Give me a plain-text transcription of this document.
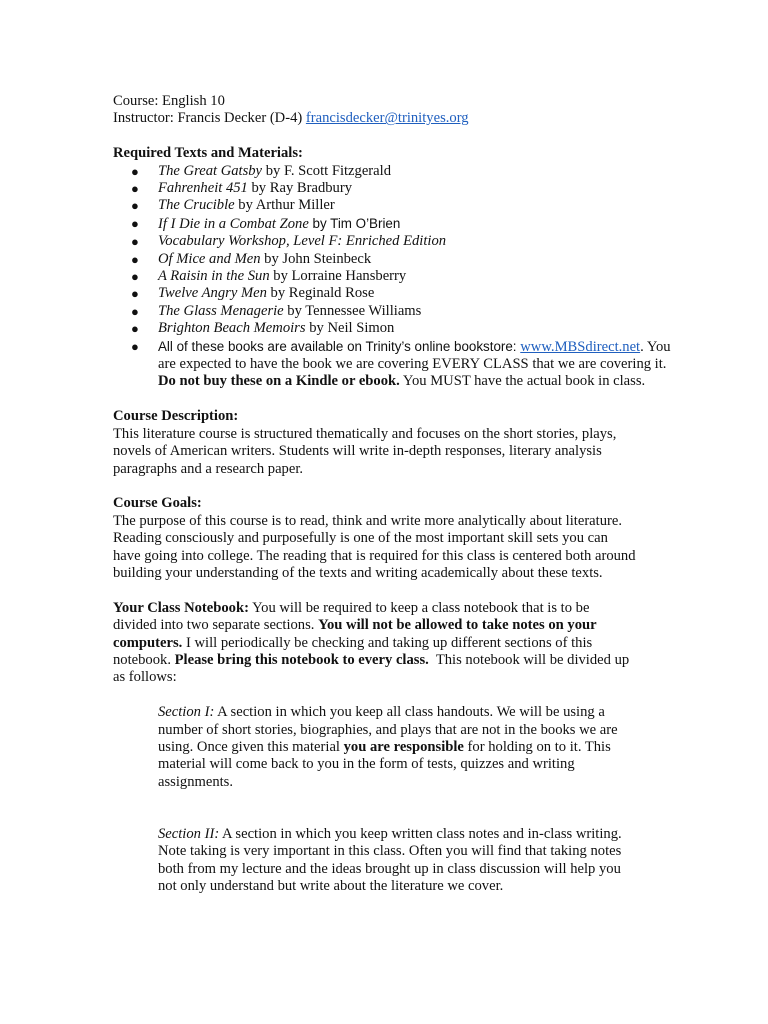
Course: English 10
Instructor: Francis Decker (D-4) francisdecker@trinityes.org
Required Texts and Materials:
● The Great Gatsby by F. Scott Fitzgerald
● Fahrenheit 451 by Ray Bradbury
● The Crucible by Arthur Miller
● If I Die in a Combat Zone by Tim O’Brien
● Vocabulary Workshop, Level F: Enriched Edition
● Of Mice and Men by John Steinbeck
● A Raisin in the Sun by Lorraine Hansberry
● Twelve Angry Men by Reginald Rose
● The Glass Menagerie by Tennessee Williams
● Brighton Beach Memoirs by Neil Simon
● All of these books are available on Trinity’s online bookstore: www.MBSdirect.net. You
are expected to have the book we are covering EVERY CLASS that we are covering it.
Do not buy these on a Kindle or ebook. You MUST have the actual book in class.
Course Description:
This literature course is structured thematically and focuses on the short stories, plays,
novels of American writers. Students will write in-depth responses, literary analysis
paragraphs and a research paper.
Course Goals:
The purpose of this course is to read, think and write more analytically about literature.
Reading consciously and purposefully is one of the most important skill sets you can
have going into college. The reading that is required for this class is centered both around
building your understanding of the texts and writing academically about these texts.
Your Class Notebook: You will be required to keep a class notebook that is to be
divided into two separate sections. You will not be allowed to take notes on your
computers. I will periodically be checking and taking up different sections of this
notebook. Please bring this notebook to every class.  This notebook will be divided up
as follows:
Section I: A section in which you keep all class handouts. We will be using a
number of short stories, biographies, and plays that are not in the books we are
using. Once given this material you are responsible for holding on to it. This
material will come back to you in the form of tests, quizzes and writing
assignments.
Section II: A section in which you keep written class notes and in-class writing.
Note taking is very important in this class. Often you will find that taking notes
both from my lecture and the ideas brought up in class discussion will help you
not only understand but write about the literature we cover.
